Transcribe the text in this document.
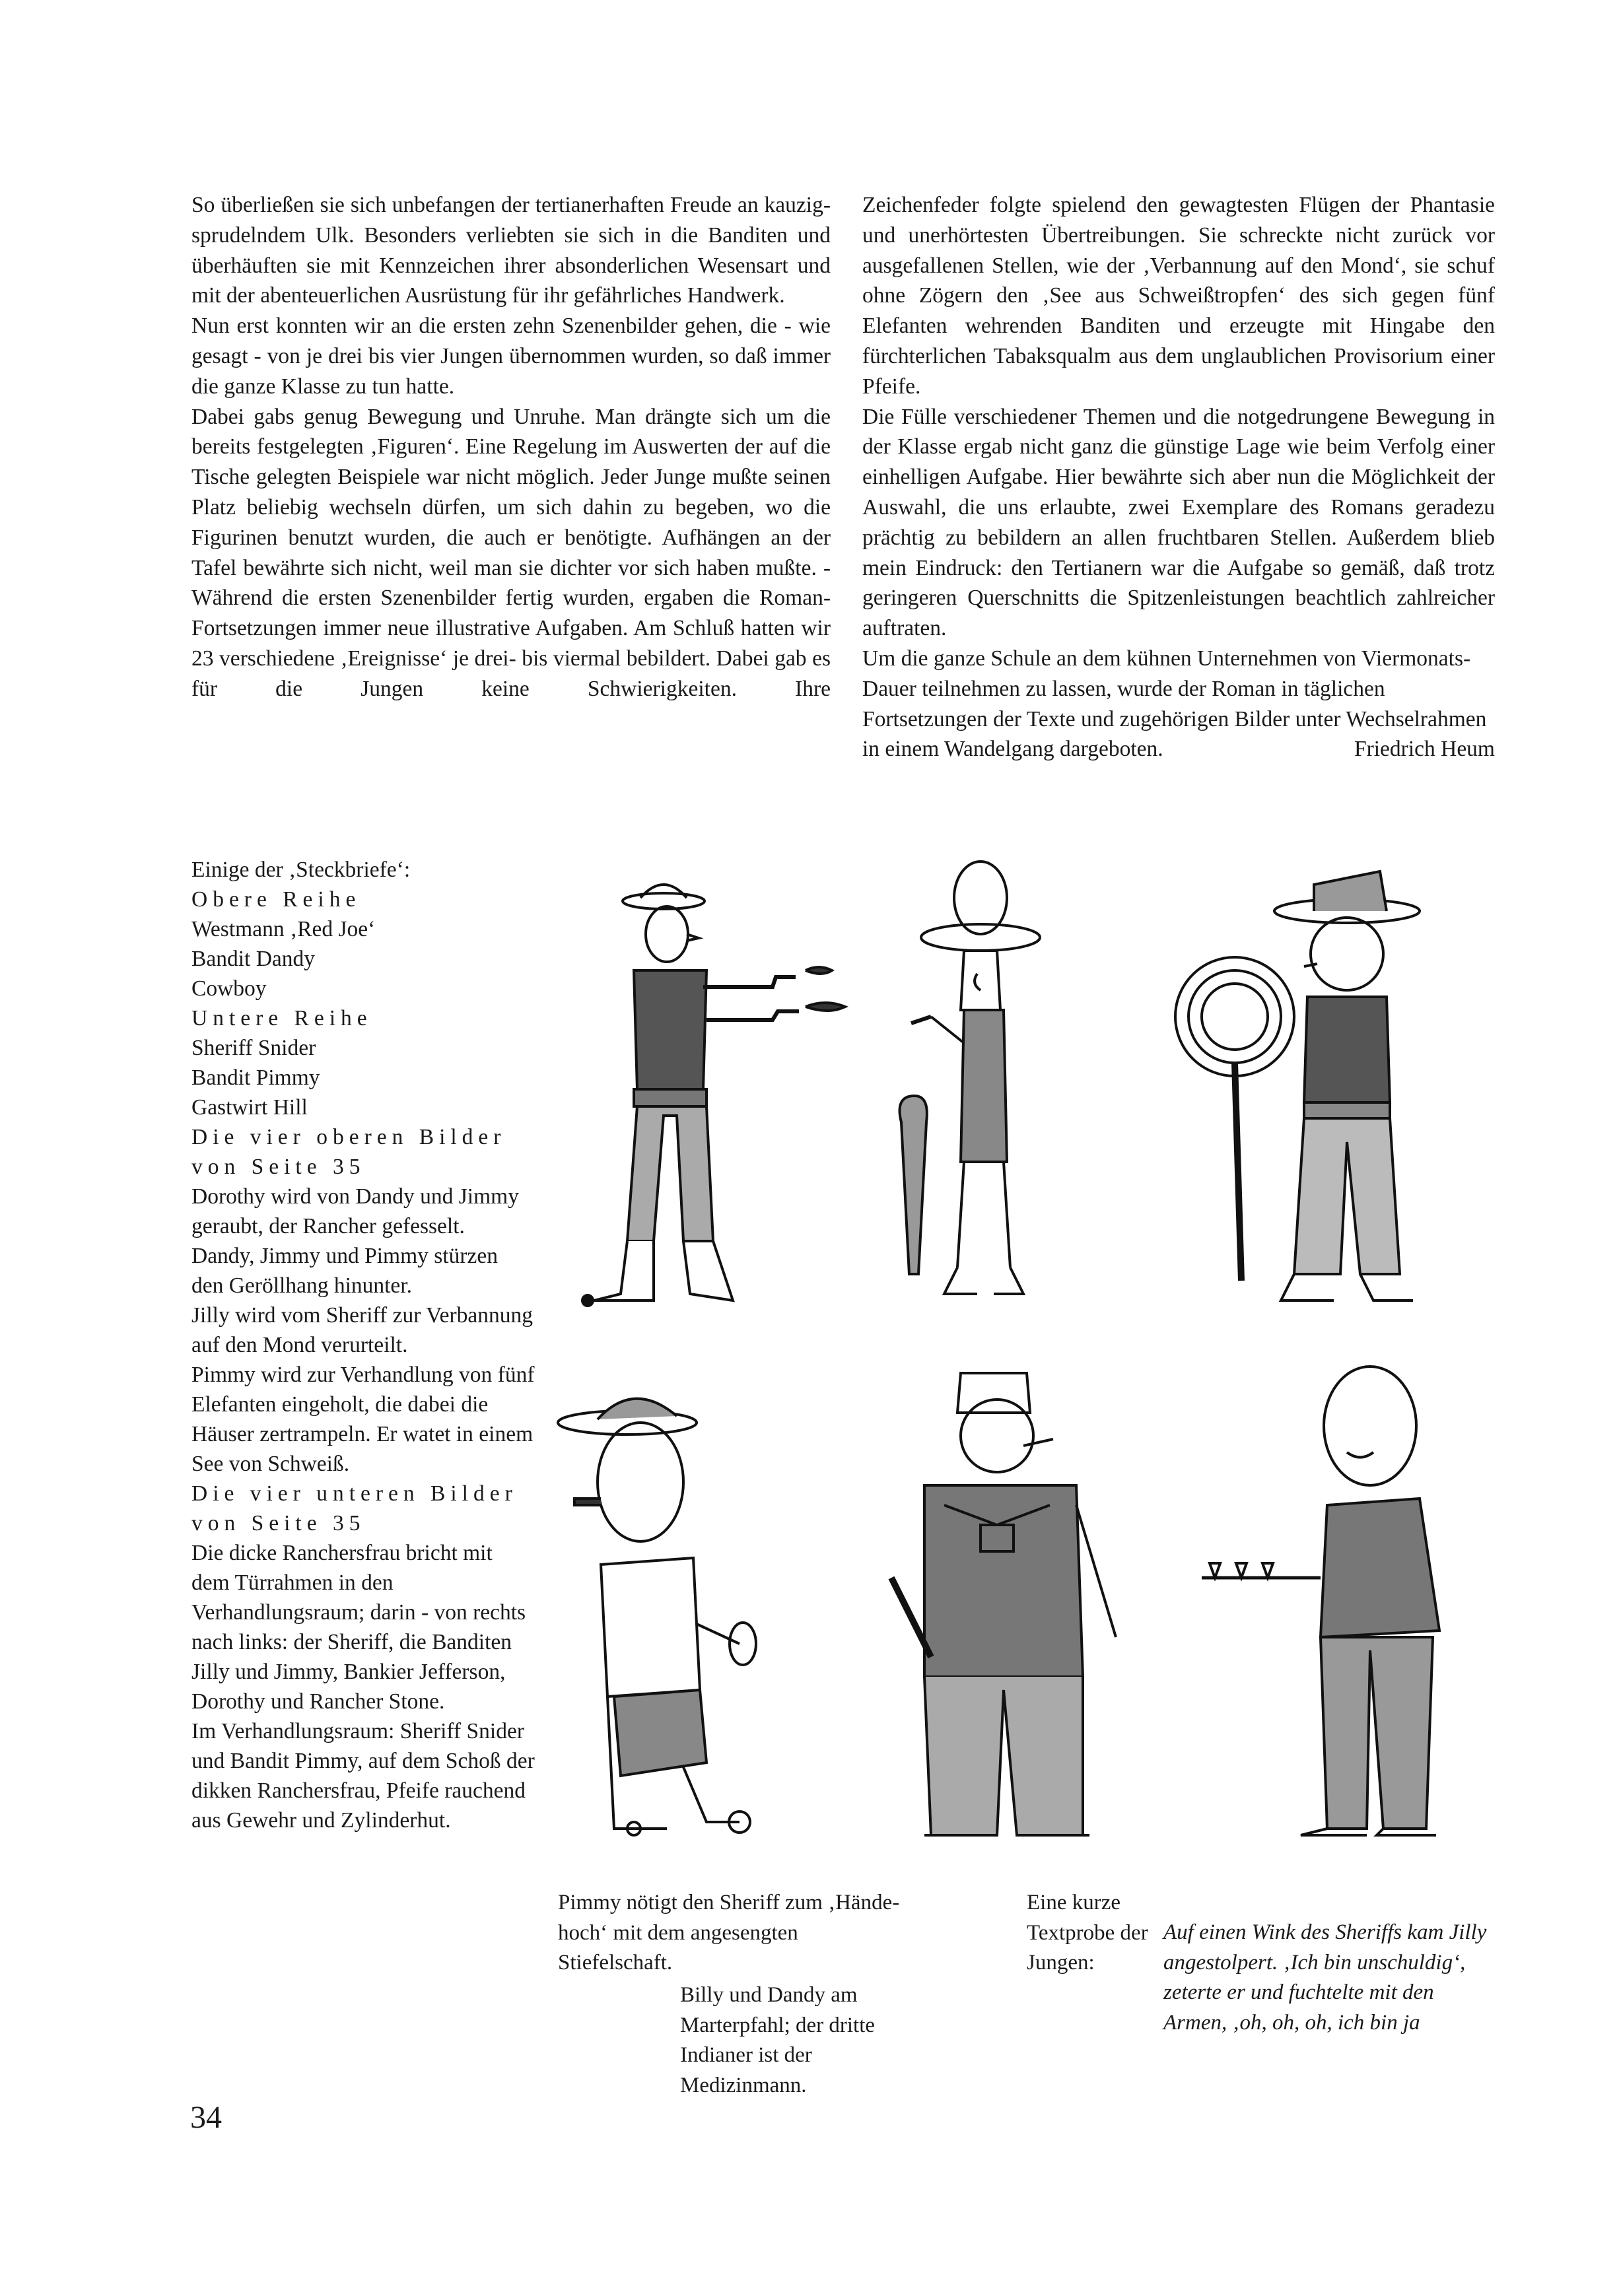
So überließen sie sich unbefangen der tertianerhaften Freude an kauzig-sprudelndem Ulk. Besonders verliebten sie sich in die Banditen und überhäuften sie mit Kennzeichen ihrer absonderlichen Wesensart und mit der abenteuerlichen Ausrüstung für ihr gefährliches Handwerk.

Nun erst konnten wir an die ersten zehn Szenenbilder gehen, die - wie gesagt - von je drei bis vier Jungen übernommen wurden, so daß immer die ganze Klasse zu tun hatte.

Dabei gabs genug Bewegung und Unruhe. Man drängte sich um die bereits festgelegten ‚Figuren‘. Eine Regelung im Auswerten der auf die Tische gelegten Beispiele war nicht möglich. Jeder Junge mußte seinen Platz beliebig wechseln dürfen, um sich dahin zu begeben, wo die Figurinen benutzt wurden, die auch er benötigte. Aufhängen an der Tafel bewährte sich nicht, weil man sie dichter vor sich haben mußte. - Während die ersten Szenenbilder fertig wurden, ergaben die Roman-Fortsetzungen immer neue illustrative Aufgaben. Am Schluß hatten wir 23 verschiedene ‚Ereignisse‘ je drei- bis viermal bebildert. Dabei gab es für die Jungen keine Schwierigkeiten. Ihre

Zeichenfeder folgte spielend den gewagtesten Flügen der Phantasie und unerhörtesten Übertreibungen. Sie schreckte nicht zurück vor ausgefallenen Stellen, wie der ‚Verbannung auf den Mond‘, sie schuf ohne Zögern den ‚See aus Schweißtropfen‘ des sich gegen fünf Elefanten wehrenden Banditen und erzeugte mit Hingabe den fürchterlichen Tabaksqualm aus dem unglaublichen Provisorium einer Pfeife.

Die Fülle verschiedener Themen und die notgedrungene Bewegung in der Klasse ergab nicht ganz die günstige Lage wie beim Verfolg einer einhelligen Aufgabe. Hier bewährte sich aber nun die Möglichkeit der Auswahl, die uns erlaubte, zwei Exemplare des Romans geradezu prächtig zu bebildern an allen fruchtbaren Stellen. Außerdem blieb mein Eindruck: den Tertianern war die Aufgabe so gemäß, daß trotz geringeren Querschnitts die Spitzenleistungen beachtlich zahlreicher auftraten.

Um die ganze Schule an dem kühnen Unternehmen von Viermonats-Dauer teilnehmen zu lassen, wurde der Roman in täglichen Fortsetzungen der Texte und zugehörigen Bilder unter Wechselrahmen in einem Wandelgang dargeboten.	Friedrich Heum
Einige der ‚Steckbriefe‘:
Obere Reihe
Westmann ‚Red Joe‘
Bandit Dandy
Cowboy
Untere Reihe
Sheriff Snider
Bandit Pimmy
Gastwirt Hill
Die vier oberen Bilder von Seite 35
Dorothy wird von Dandy und Jimmy geraubt, der Rancher gefesselt.
Dandy, Jimmy und Pimmy stürzen den Geröllhang hinunter.
Jilly wird vom Sheriff zur Verbannung auf den Mond verurteilt.
Pimmy wird zur Verhandlung von fünf Elefanten eingeholt, die dabei die Häuser zertrampeln. Er watet in einem See von Schweiß.
Die vier unteren Bilder von Seite 35
Die dicke Ranchersfrau bricht mit dem Türrahmen in den Verhandlungsraum; darin - von rechts nach links: der Sheriff, die Banditen Jilly und Jimmy, Bankier Jefferson, Dorothy und Rancher Stone.
Im Verhandlungsraum: Sheriff Snider und Bandit Pimmy, auf dem Schoß der dikken Ranchersfrau, Pfeife rauchend aus Gewehr und Zylinderhut.
Pimmy nötigt den Sheriff zum ‚Hände-hoch‘ mit dem angesengten Stiefelschaft.
Billy und Dandy am Marterpfahl; der dritte Indianer ist der Medizinmann.
Eine kurze Textprobe der Jungen:
Auf einen Wink des Sheriffs kam Jilly angestolpert. ‚Ich bin unschuldig‘, zeterte er und fuchtelte mit den Armen, ‚oh, oh, oh, ich bin ja
34
